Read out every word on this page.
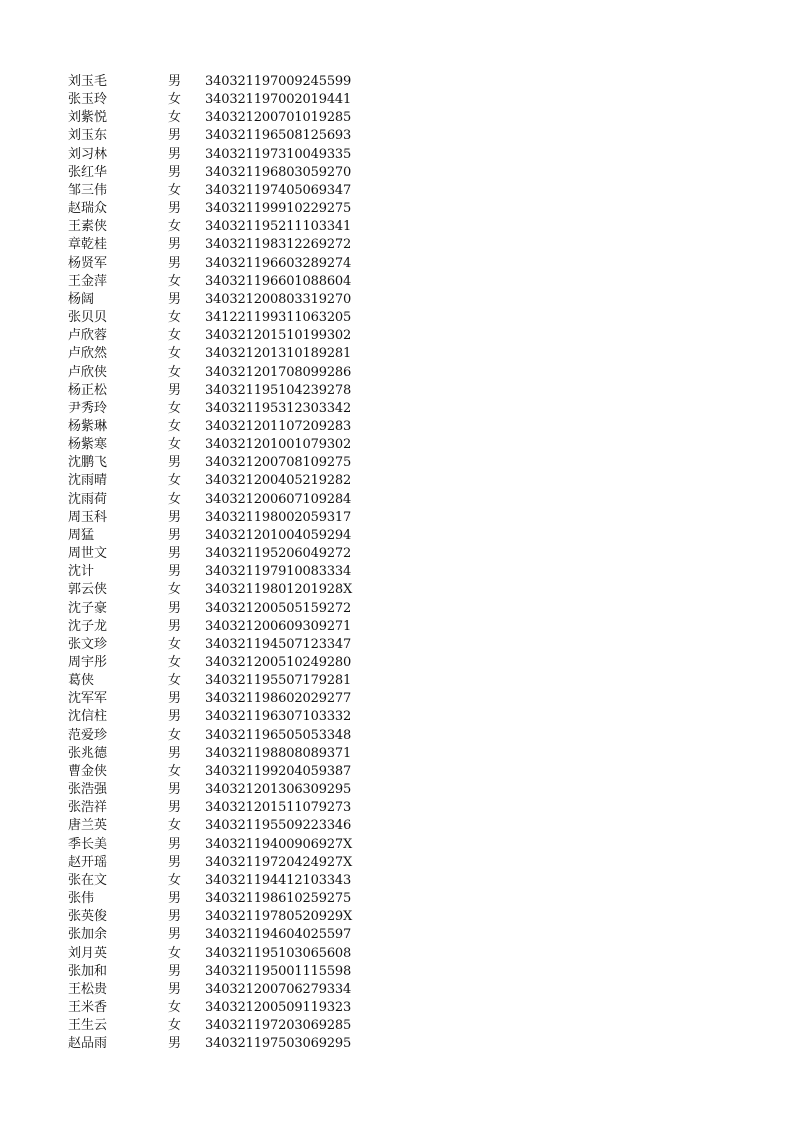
刘玉毛	男	340321197009245599
张玉玲	女	340321197002019441
刘紫悦	女	340321200701019285
刘玉东	男	340321196508125693
刘习林	男	340321197310049335
张红华	男	340321196803059270
邹三伟	女	340321197405069347
赵瑞众	男	340321199910229275
王素侠	女	340321195211103341
章乾桂	男	340321198312269272
杨贤军	男	340321196603289274
王金萍	女	340321196601088604
杨阔	男	340321200803319270
张贝贝	女	341221199311063205
卢欣蓉	女	340321201510199302
卢欣然	女	340321201310189281
卢欣侠	女	340321201708099286
杨正松	男	340321195104239278
尹秀玲	女	340321195312303342
杨紫琳	女	340321201107209283
杨紫寒	女	340321201001079302
沈鹏飞	男	340321200708109275
沈雨晴	女	340321200405219282
沈雨荷	女	340321200607109284
周玉科	男	340321198002059317
周猛	男	340321201004059294
周世文	男	340321195206049272
沈计	男	340321197910083334
郭云侠	女	34032119801201928X
沈子豪	男	340321200505159272
沈子龙	男	340321200609309271
张文珍	女	340321194507123347
周宇彤	女	340321200510249280
葛侠	女	340321195507179281
沈军军	男	340321198602029277
沈信柱	男	340321196307103332
范爱珍	女	340321196505053348
张兆德	男	340321198808089371
曹金侠	女	340321199204059387
张浩强	男	340321201306309295
张浩祥	男	340321201511079273
唐兰英	女	340321195509223346
季长美	男	34032119400906927X
赵开瑶	男	34032119720424927X
张在文	女	340321194412103343
张伟	男	340321198610259275
张英俊	男	34032119780520929X
张加余	男	340321194604025597
刘月英	女	340321195103065608
张加和	男	340321195001115598
王松贵	男	340321200706279334
王米香	女	340321200509119323
王生云	女	340321197203069285
赵品雨	男	340321197503069295
